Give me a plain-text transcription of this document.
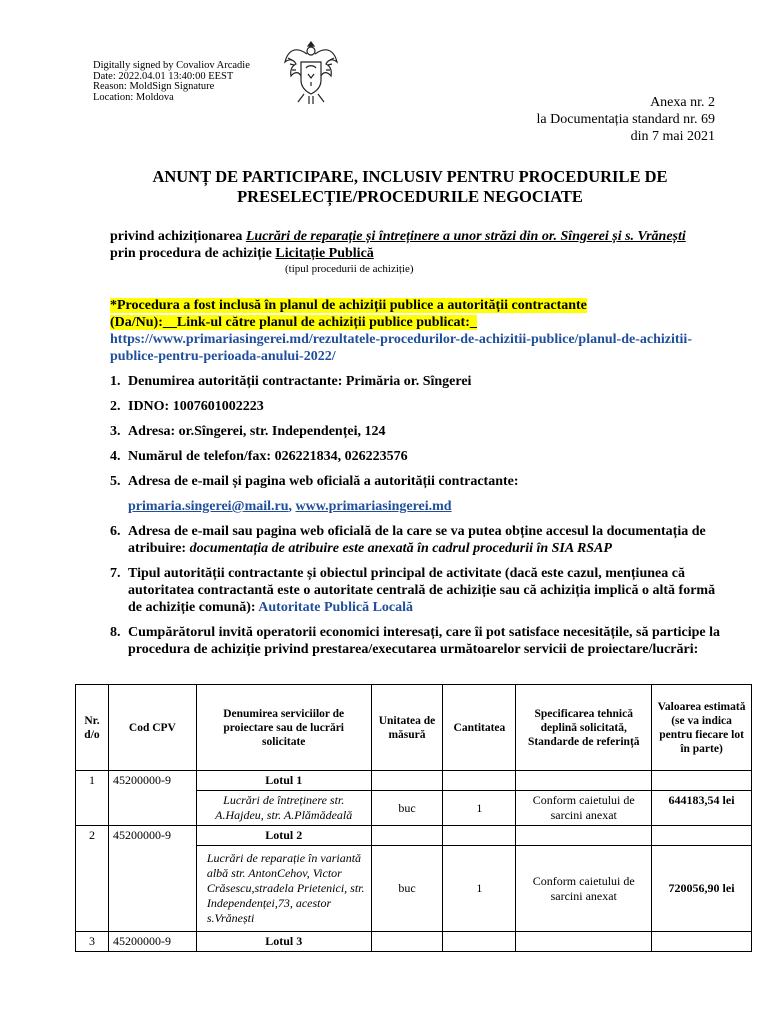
Digitally signed by Covaliov Arcadie
Date: 2022.04.01 13:40:00 EEST
Reason: MoldSign Signature
Location: Moldova	Anexa nr. 2
la Documentația standard nr. 69
din 7 mai 2021
ANUNȚ DE PARTICIPARE, INCLUSIV PENTRU PROCEDURILE DE
PRESELECȚIE/PROCEDURILE NEGOCIATE
privind achiziționarea Lucrări de reparație și întreținere a unor străzi din or. Sîngerei și s. Vrănești
prin procedura de achiziție Licitație Publică
(tipul procedurii de achiziție)
*Procedura a fost inclusă în planul de achiziții publice a autorității contractante
(Da/Nu):__Link-ul către planul de achiziții publice publicat:_
https://www.primariasingerei.md/rezultatele-procedurilor-de-achizitii-publice/planul-de-achizitii-publice-pentru-perioada-anului-2022/
1. Denumirea autorității contractante: Primăria or. Sîngerei
2. IDNO: 1007601002223
3. Adresa: or.Sîngerei, str. Independenței, 124
4. Numărul de telefon/fax: 026221834, 026223576
5. Adresa de e-mail și pagina web oficială a autorității contractante:
primaria.singerei@mail.ru, www.primariasingerei.md
6. Adresa de e-mail sau pagina web oficială de la care se va putea obține accesul la documentația de atribuire: documentația de atribuire este anexată în cadrul procedurii în SIA RSAP
7. Tipul autorității contractante și obiectul principal de activitate (dacă este cazul, mențiunea că autoritatea contractantă este o autoritate centrală de achiziție sau că achiziția implică o altă formă de achiziție comună): Autoritate Publică Locală
8. Cumpărătorul invită operatorii economici interesați, care îi pot satisface necesitățile, să participe la procedura de achiziție privind prestarea/executarea următoarelor servicii de proiectare/lucrări:
Nr. d/o	Cod CPV	Denumirea serviciilor de proiectare sau de lucrări solicitate	Unitatea de măsură	Cantitatea	Specificarea tehnică deplină solicitată, Standarde de referință	Valoarea estimată (se va indica pentru fiecare lot în parte)
1	45200000-9	Lotul 1				
		Lucrări de întreținere str. A.Hajdeu, str. A.Plămădeală	buc	1	Conform caietului de sarcini anexat	644183,54 lei
2	45200000-9	Lotul 2				
		Lucrări de reparație în variantă albă str. AntonCehov, Victor Crăsescu,stradela Prietenici, str. Independenței,73, acestor s.Vrănești	buc	1	Conform caietului de sarcini anexat	720056,90 lei
3	45200000-9	Lotul 3				
